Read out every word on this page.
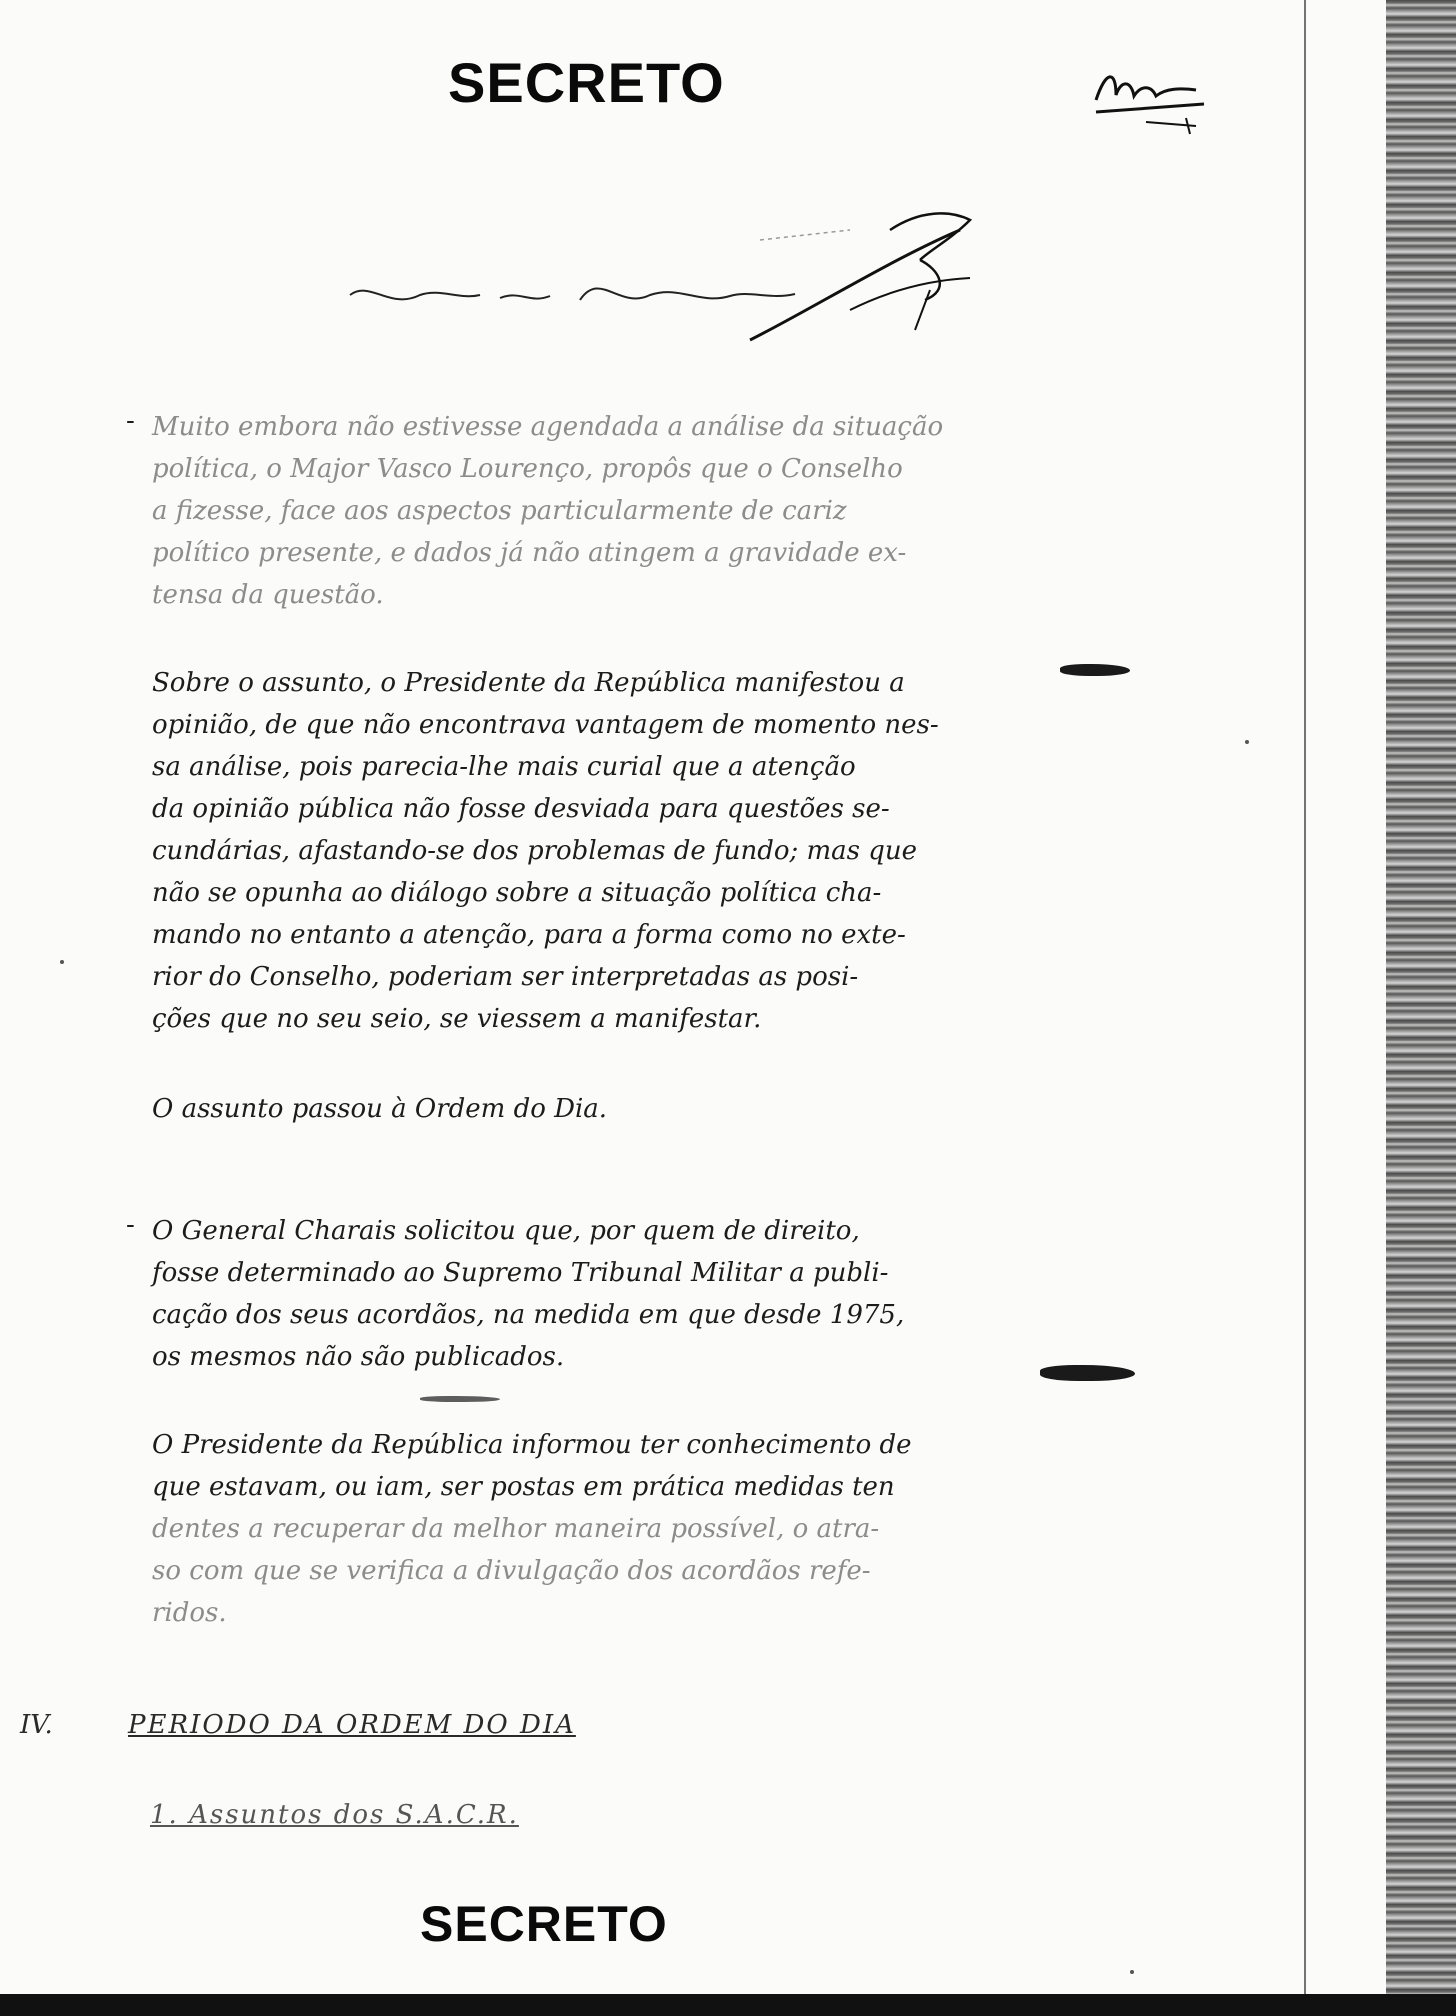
SECRETO
- Muito embora não estivesse agendada a análise da situação
política, o Major Vasco Lourenço, propôs que o Conselho
a fizesse, face aos aspectos particularmente de cariz
político presente, e dados já não atingem a gravidade ex-
tensa da questão.
Sobre o assunto, o Presidente da República manifestou a
opinião, de que não encontrava vantagem de momento nes-
sa análise, pois parecia-lhe mais curial que a atenção
da opinião pública não fosse desviada para questões se-
cundárias, afastando-se dos problemas de fundo; mas que
não se opunha ao diálogo sobre a situação política cha-
mando no entanto a atenção, para a forma como no exte-
rior do Conselho, poderiam ser interpretadas as posi-
ções que no seu seio, se viessem a manifestar.
O assunto passou à Ordem do Dia.
- O General Charais solicitou que, por quem de direito,
fosse determinado ao Supremo Tribunal Militar a publi-
cação dos seus acordãos, na medida em que desde 1975,
os mesmos não são publicados.
O Presidente da República informou ter conhecimento de
que estavam, ou iam, ser postas em prática medidas ten
dentes a recuperar da melhor maneira possível, o atra-
so com que se verifica a divulgação dos acordãos refe-
ridos.
IV.	PERIODO DA ORDEM DO DIA
1. Assuntos dos S.A.C.R.
SECRETO
